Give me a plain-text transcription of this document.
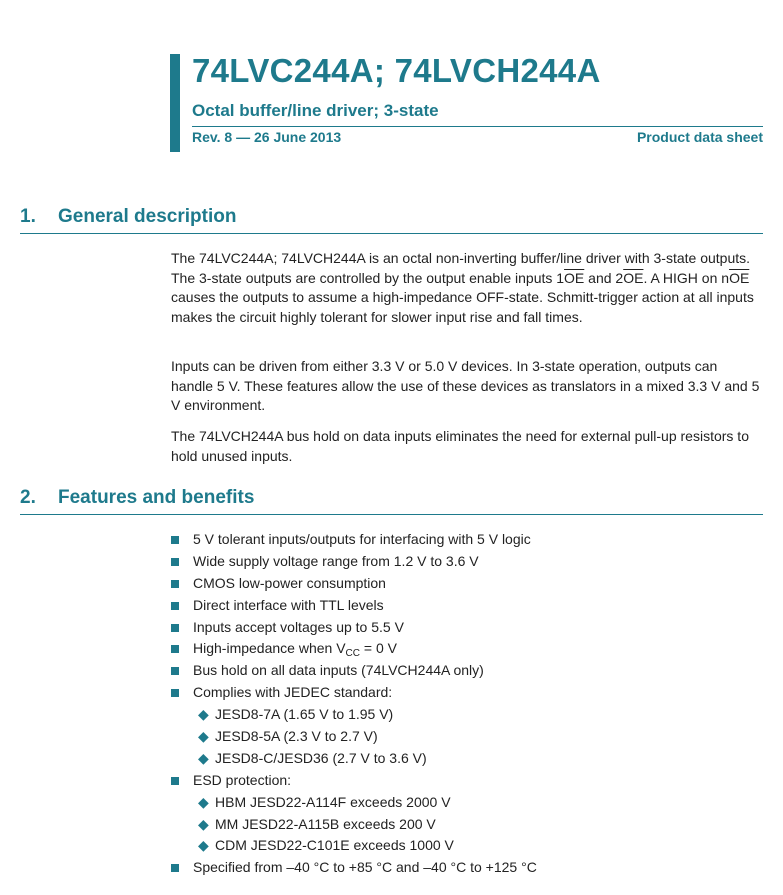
74LVC244A; 74LVCH244A
Octal buffer/line driver; 3-state
Rev. 8 — 26 June 2013	Product data sheet
1. General description

The 74LVC244A; 74LVCH244A is an octal non-inverting buffer/line driver with 3-state outputs. The 3-state outputs are controlled by the output enable inputs $1\overline{OE}$ and $2\overline{OE}$. A HIGH on $n\overline{OE}$ causes the outputs to assume a high-impedance OFF-state. Schmitt-trigger action at all inputs makes the circuit highly tolerant for slower input rise and fall times.

Inputs can be driven from either 3.3 V or 5.0 V devices. In 3-state operation, outputs can handle 5 V. These features allow the use of these devices as translators in a mixed 3.3 V and 5 V environment.

The 74LVCH244A bus hold on data inputs eliminates the need for external pull-up resistors to hold unused inputs.

2. Features and benefits
5 V tolerant inputs/outputs for interfacing with 5 V logic
Wide supply voltage range from 1.2 V to 3.6 V
CMOS low-power consumption
Direct interface with TTL levels
Inputs accept voltages up to 5.5 V
High-impedance when $V_{CC} = 0$ V
Bus hold on all data inputs (74LVCH244A only)
Complies with JEDEC standard:
◆ JESD8-7A (1.65 V to 1.95 V)
◆ JESD8-5A (2.3 V to 2.7 V)
◆ JESD8-C/JESD36 (2.7 V to 3.6 V)
ESD protection:
◆ HBM JESD22-A114F exceeds 2000 V
◆ MM JESD22-A115B exceeds 200 V
◆ CDM JESD22-C101E exceeds 1000 V
Specified from –40 °C to +85 °C and –40 °C to +125 °C
